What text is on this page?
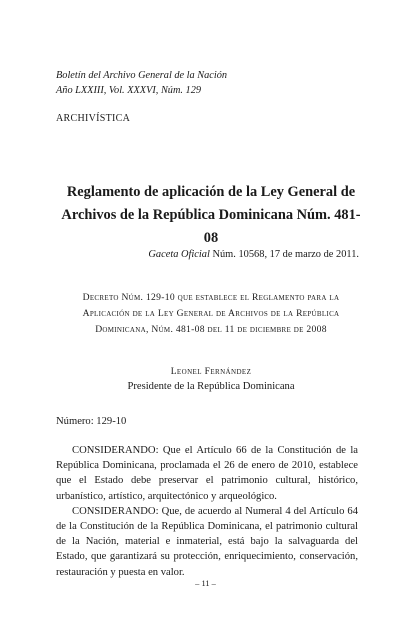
Boletín del Archivo General de la Nación
Año LXXIII, Vol. XXXVI, Núm. 129
ARCHIVÍSTICA
Reglamento de aplicación de la Ley General de
Archivos de la República Dominicana Núm. 481-08
Gaceta Oficial Núm. 10568, 17 de marzo de 2011.
Decreto Núm. 129-10 que establece el Reglamento para la
Aplicación de la Ley General de Archivos de la República
Dominicana, Núm. 481-08 del 11 de diciembre de 2008
Leonel Fernández
Presidente de la República Dominicana
Número: 129-10

CONSIDERANDO: Que el Artículo 66 de la Constitución de la República Dominicana, proclamada el 26 de enero de 2010, establece que el Estado debe preservar el patrimonio cultural, histórico, urbanístico, artístico, arquitectónico y arqueológico.

CONSIDERANDO: Que, de acuerdo al Numeral 4 del Artículo 64 de la Constitución de la República Dominicana, el patrimonio cultural de la Nación, material e inmaterial, está bajo la salvaguarda del Estado, que garantizará su protección, enriquecimiento, conservación, restauración y puesta en valor.

– 11 –
